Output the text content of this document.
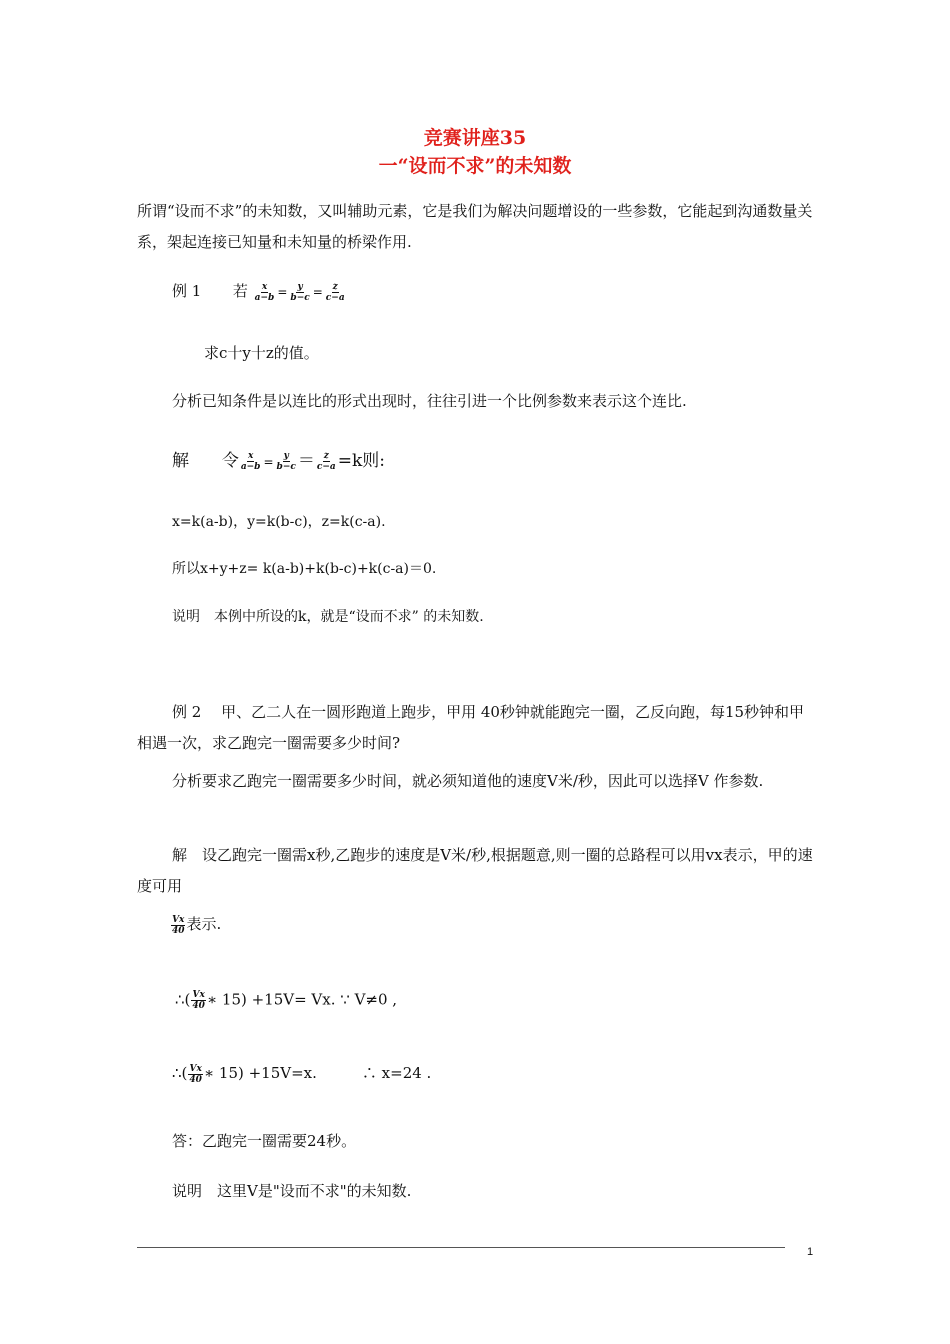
竞赛讲座35
一“设而不求”的未知数
所谓“设而不求”的未知数，又叫辅助元素，它是我们为解决问题增设的一些参数，它能起到沟通数量关系，架起连接已知量和未知量的桥梁作用.
例 1 若 $\frac{x}{a-b} = \frac{y}{b-c} = \frac{z}{c-a}$
求c十y十z的值。
分析已知条件是以连比的形式出现时，往往引进一个比例参数来表示这个连比.
解 令 $\frac{x}{a-b} = \frac{y}{b-c} = \frac{z}{c-a} =k$则:
x=k(a-b)，y=k(b-c)，z=k(c-a).
所以x+y+z= k(a-b)+k(b-c)+k(c-a)＝0.
说明　本例中所设的k，就是“设而不求” 的未知数.
例 2　 甲、乙二人在一圆形跑道上跑步，甲用 40秒钟就能跑完一圈，乙反向跑，每15秒钟和甲相遇一次，求乙跑完一圈需要多少时间?
分析要求乙跑完一圈需要多少时间，就必须知道他的速度V米/秒，因此可以选择V 作参数.
解　设乙跑完一圈需x秒,乙跑步的速度是V米/秒,根据题意,则一圈的总路程可以用vx表示，甲的速度可用
$\frac{Vx}{40}$ 表示.
∴( $\frac{Vx}{40}$ ∗ 15) +15V= Vx. ∵ V≠0 ,
∴( $\frac{Vx}{40}$ ∗ 15) +15V=x.　　　∴ x=24 .
答：乙跑完一圈需要24秒。
说明　这里V是"设而不求"的未知数.
1
